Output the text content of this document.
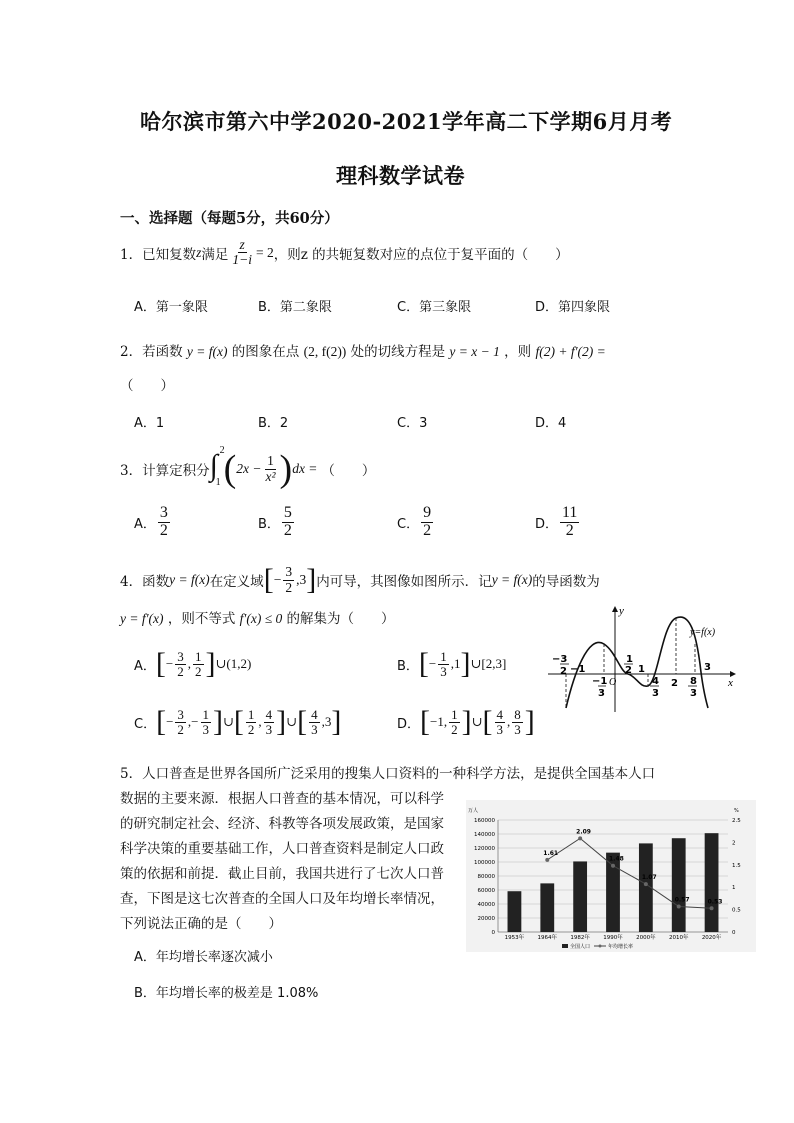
哈尔滨市第六中学2020-2021学年高二下学期6月月考
理科数学试卷
一、选择题（每题5分，共60分）
1．已知复数 z 满足 $\frac{z}{1-i} = 2$ ，则z 的共轭复数对应的点位于复平面的（　　）
A．第一象限	B．第二象限	C．第三象限	D．第四象限
2．若函数 y = f(x) 的图象在点 (2, f(2)) 处的切线方程是 y = x − 1 ，则 f(2) + f′(2) =
（　　）
A．1	B．2	C．3	D．4
3．计算定积分 ∫ 2
1 ( $2x - \frac{1}{\text{x²}}$ ) dx = （　　）
A． $\frac{3}{2}$	B． $\frac{5}{2}$	C． $\frac{9}{2}$	D． $\frac{11}{2}$
4．函数 y = f(x) 在定义域 [ − $\frac{3}{2} ,3$ ] 内可导，其图像如图所示．记 y = f(x) 的导函数为
y = f′(x) ，则不等式 f′(x) ≤ 0 的解集为（　　）
A． [ − $\frac{3}{2}$ , $\frac{1}{2}$ ] ∪(1,2)	B． [ − $\frac{1}{3} ,1$ ] ∪[2,3]
C． [ − $\frac{3}{2}$ ,− $\frac{1}{3}$ ] ∪ [ $\frac{1}{2}$ , $\frac{4}{3}$ ] ∪ [ $\frac{4}{3} ,3$ ]	D． [ −1, $\frac{1}{2}$ ] ∪ [ $\frac{4}{3}$ , $\frac{8}{3}$ ]
y
x
O
y=f(x)
−3
2 −1
−1
3
1
2 1
4
3
2 8
3
3
5．人口普查是世界各国所广泛采用的搜集人口资料的一种科学方法，是提供全国基本人口
数据的主要来源．根据人口普查的基本情况，可以科学
的研究制定社会、经济、科教等各项发展政策，是国家
科学决策的重要基础工作，人口普查资料是制定人口政
策的依据和前提．截止目前，我国共进行了七次人口普
查，下图是这七次普查的全国人口及年均增长率情况，
下列说法正确的是（　　）
A．年均增长率逐次减小
B．年均增长率的极差是 1.08%
万人	%
0
20000
40000
60000
80000
100000
120000
140000
160000
0
0.5
1
1.5
2
2.5
1953年 1964年 1982年 1990年 2000年 2010年 2020年
1.61
2.09
1.48
1.07
0.57	0.53
全国人口	年均增长率
